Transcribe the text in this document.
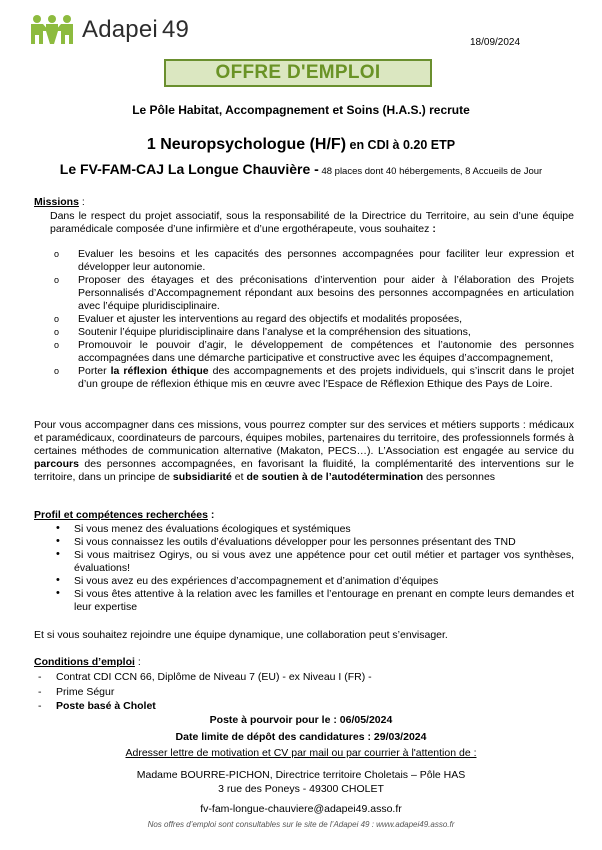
Adapei 49	18/09/2024
OFFRE D'EMPLOI
Le Pôle Habitat, Accompagnement et Soins (H.A.S.) recrute
1 Neuropsychologue (H/F) en CDI à 0.20 ETP
Le FV-FAM-CAJ La Longue Chauvière - 48 places dont 40 hébergements, 8 Accueils de Jour
Missions :
Dans le respect du projet associatif, sous la responsabilité de la Directrice du Territoire, au sein d’une équipe paramédicale composée d’une infirmière et d’une ergothérapeute, vous souhaitez :
o Evaluer les besoins et les capacités des personnes accompagnées pour faciliter leur expression et développer leur autonomie.
o Proposer des étayages et des préconisations d’intervention pour aider à l’élaboration des Projets Personnalisés d’Accompagnement répondant aux besoins des personnes accompagnées en articulation avec l’équipe pluridisciplinaire.
o Evaluer et ajuster les interventions au regard des objectifs et modalités proposées,
o Soutenir l’équipe pluridisciplinaire dans l’analyse et la compréhension des situations,
o Promouvoir le pouvoir d’agir, le développement de compétences et l’autonomie des personnes accompagnées dans une démarche participative et constructive avec les équipes d’accompagnement,
o Porter la réflexion éthique des accompagnements et des projets individuels, qui s’inscrit dans le projet d’un groupe de réflexion éthique mis en œuvre avec l’Espace de Réflexion Ethique des Pays de Loire.
Pour vous accompagner dans ces missions, vous pourrez compter sur des services et métiers supports : médicaux et paramédicaux, coordinateurs de parcours, équipes mobiles, partenaires du territoire, des professionnels formés à certaines méthodes de communication alternative (Makaton, PECS…). L’Association est engagée au service du parcours des personnes accompagnées, en favorisant la fluidité, la complémentarité des interventions sur le territoire, dans un principe de subsidiarité et de soutien à de l’autodétermination des personnes
Profil et compétences recherchées :
• Si vous menez des évaluations écologiques et systémiques
• Si vous connaissez les outils d’évaluations développer pour les personnes présentant des TND
• Si vous maitrisez Ogirys, ou si vous avez une appétence pour cet outil métier et partager vos synthèses, évaluations!
• Si vous avez eu des expériences d’accompagnement et d’animation d’équipes
• Si vous êtes attentive à la relation avec les familles et l’entourage en prenant en compte leurs demandes et leur expertise
Et si vous souhaitez rejoindre une équipe dynamique, une collaboration peut s’envisager.
Conditions d’emploi :
- Contrat CDI CCN 66, Diplôme de Niveau 7 (EU) - ex Niveau I (FR) -
- Prime Ségur
- Poste basé à Cholet
Poste à pourvoir pour le : 06/05/2024
Date limite de dépôt des candidatures : 29/03/2024
Adresser lettre de motivation et CV par mail ou par courrier à l'attention de :
Madame BOURRE-PICHON, Directrice territoire Choletais – Pôle HAS
3 rue des Poneys - 49300 CHOLET
fv-fam-longue-chauviere@adapei49.asso.fr
Nos offres d’emploi sont consultables sur le site de l’Adapei 49 : www.adapei49.asso.fr
